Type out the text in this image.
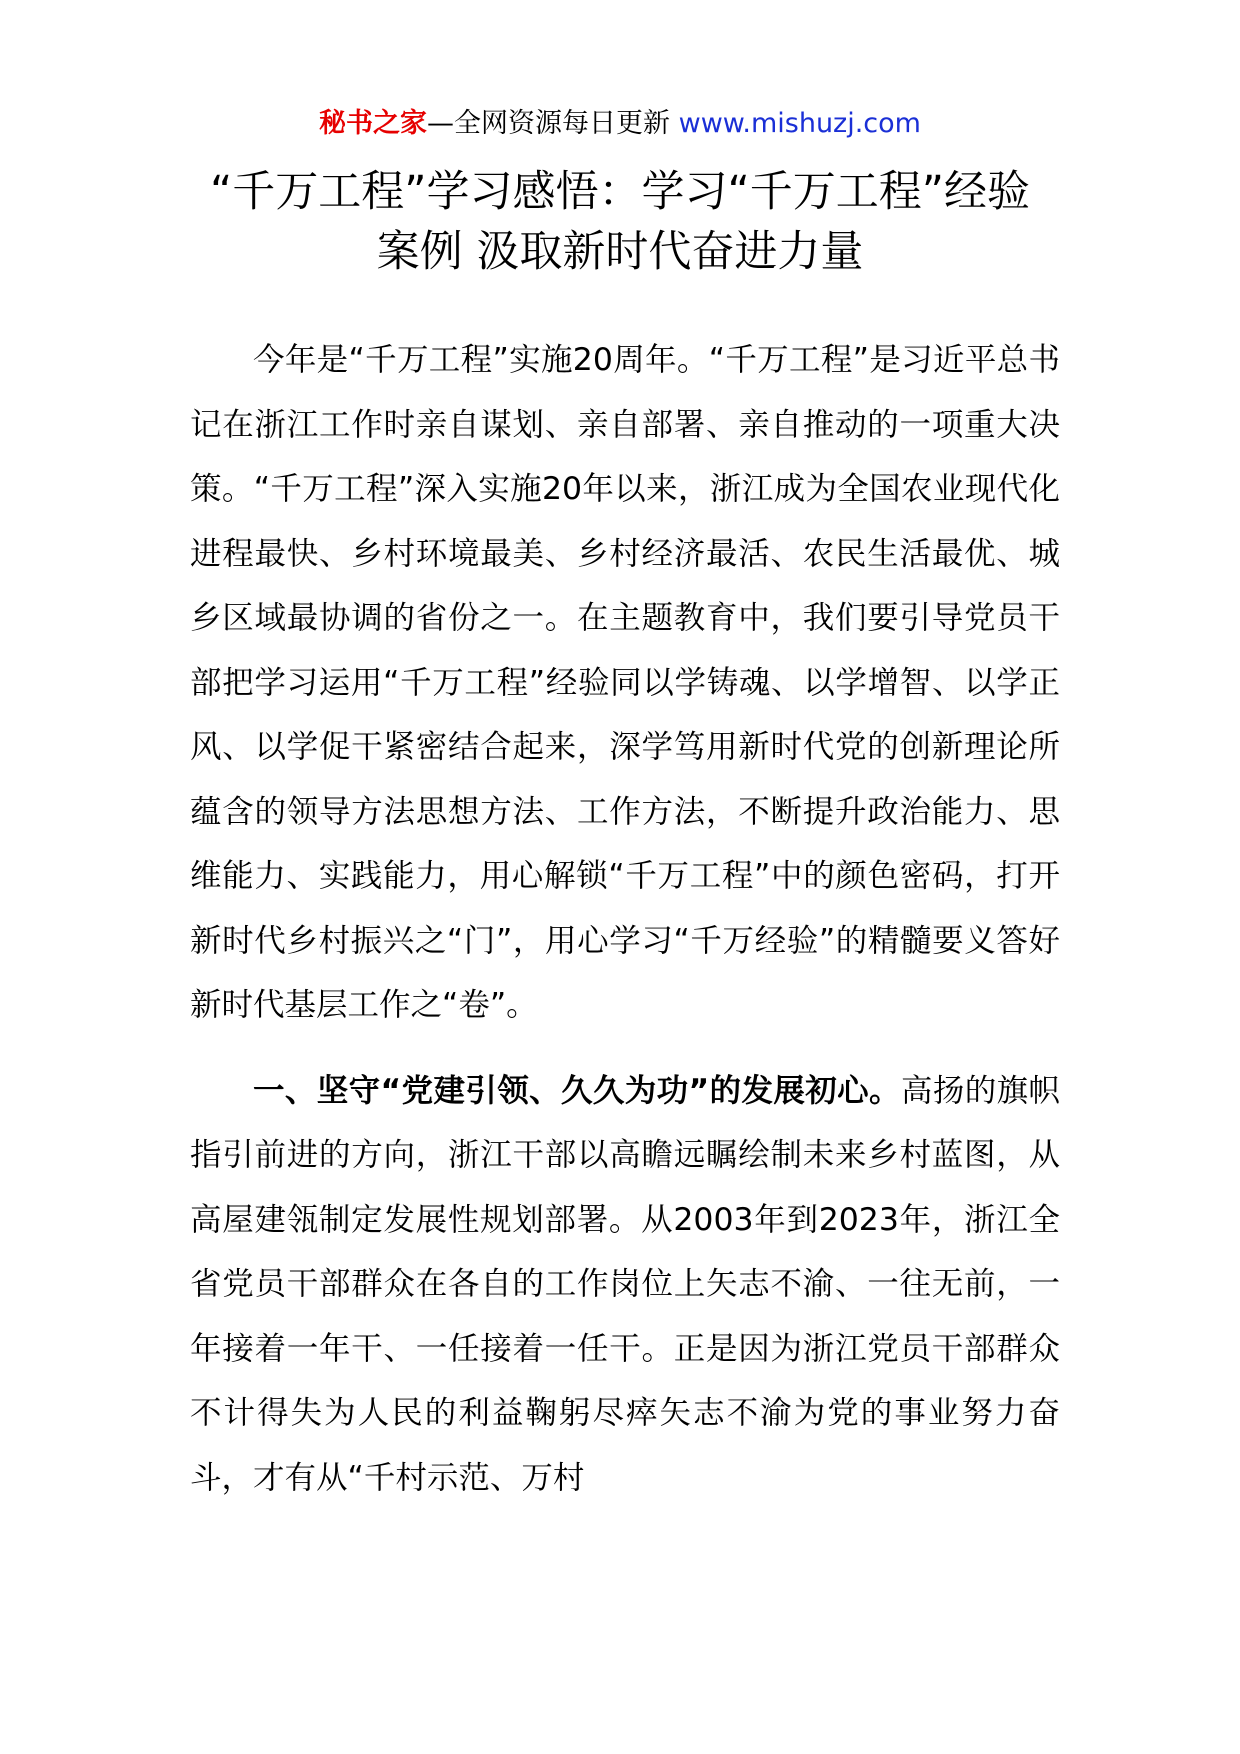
秘书之家—全网资源每日更新 www.mishuzj.com
“千万工程”学习感悟：学习“千万工程”经验案例 汲取新时代奋进力量

今年是“千万工程”实施20周年。“千万工程”是习近平总书记在浙江工作时亲自谋划、亲自部署、亲自推动的一项重大决策。“千万工程”深入实施20年以来，浙江成为全国农业现代化进程最快、乡村环境最美、乡村经济最活、农民生活最优、城乡区域最协调的省份之一。在主题教育中，我们要引导党员干部把学习运用“千万工程”经验同以学铸魂、以学增智、以学正风、以学促干紧密结合起来，深学笃用新时代党的创新理论所蕴含的领导方法思想方法、工作方法，不断提升政治能力、思维能力、实践能力，用心解锁“千万工程”中的颜色密码，打开新时代乡村振兴之“门”，用心学习“千万经验”的精髓要义答好新时代基层工作之“卷”。

一、坚守“党建引领、久久为功”的发展初心。高扬的旗帜指引前进的方向，浙江干部以高瞻远瞩绘制未来乡村蓝图，从高屋建瓴制定发展性规划部署。从2003年到2023年，浙江全省党员干部群众在各自的工作岗位上矢志不渝、一往无前，一年接着一年干、一任接着一任干。正是因为浙江党员干部群众不计得失为人民的利益鞠躬尽瘁矢志不渝为党的事业努力奋斗，才有从“千村示范、万村
